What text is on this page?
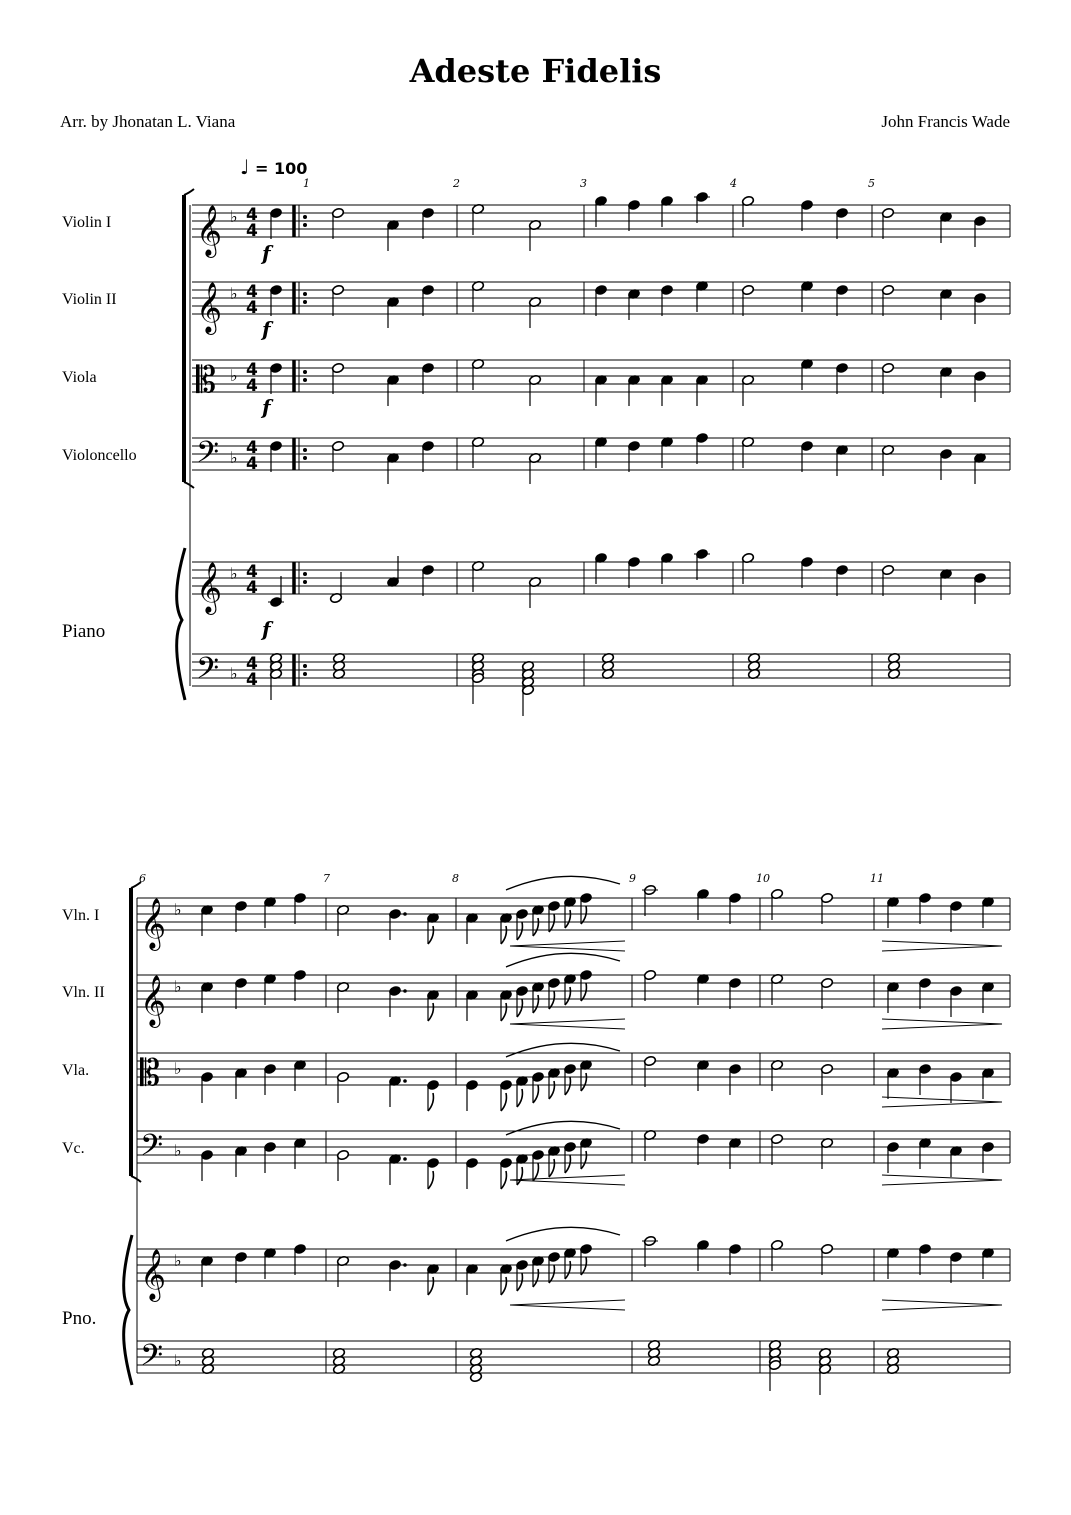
Adeste Fidelis
Arr. by Jhonatan L. Viana	John Francis Wade
♩ = 100
Violin I
Violin II
Viola
Violoncello
Piano
Vln. I
Vln. II
Vla.
Vc.
Pno.
1	2	3	4	5
𝄞 ♭ 4
4
𝄞 ♭ 4
4
𝄡 ♭ 4
4
𝄢 ♭ 4
4
𝄞 ♭ 4
4
𝄢 ♭ 4
4
f
f
f
f
6	7	8	9	10	11
𝄞 ♭
𝄞 ♭
𝄡 ♭
𝄢 ♭
𝄞 ♭
𝄢 ♭
